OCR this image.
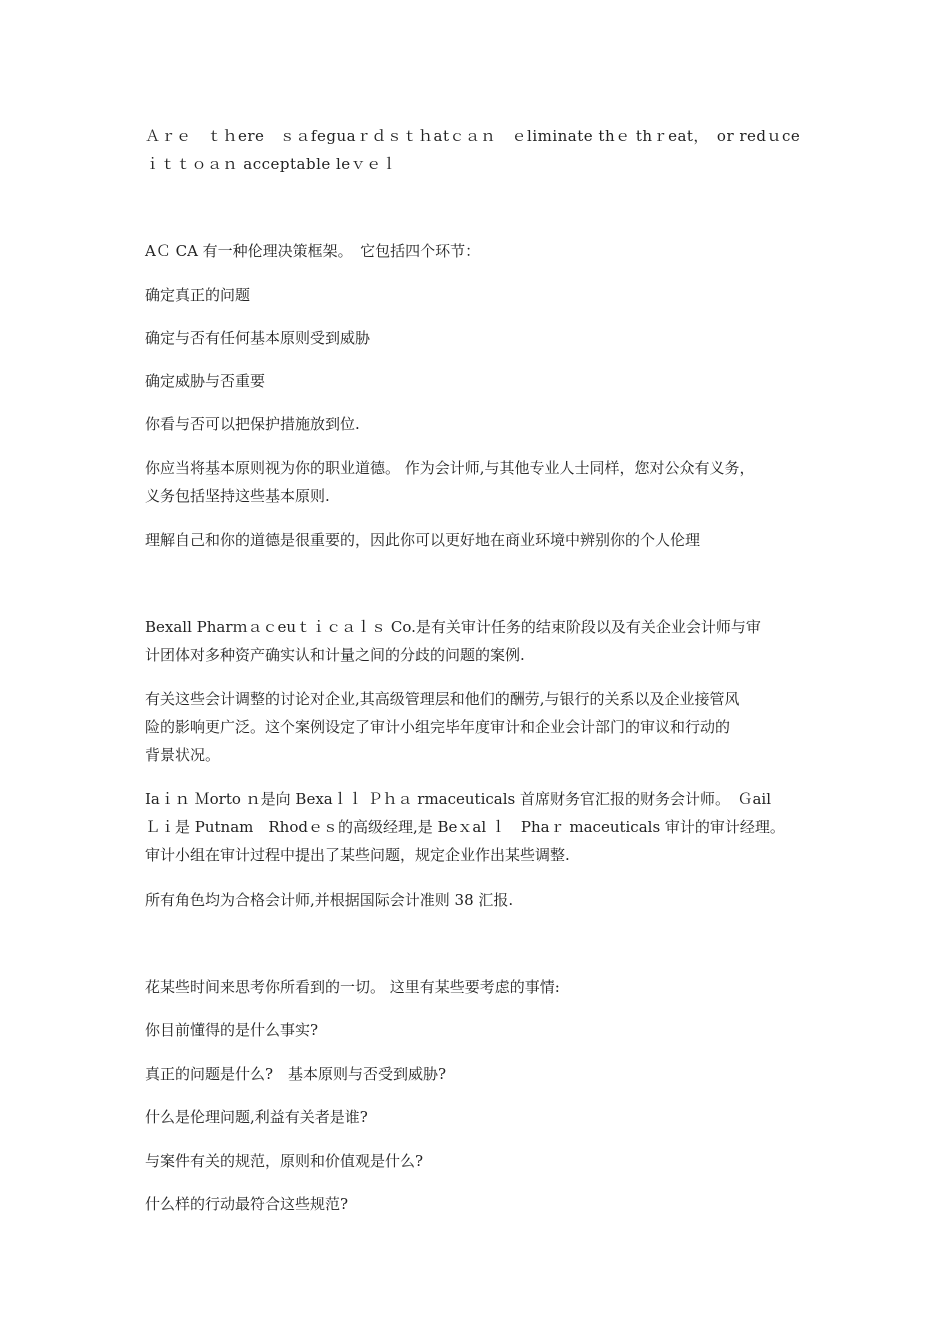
Ａｒｅ　ｔｈere　ｓａfeguaｒｄｓｔｈatｃａｎ　ｅliminate thｅ thｒeat，　or redｕce
ｉｔｔｏａｎ acceptable leｖｅｌ
AＣ CA 有一种伦理决策框架。　它包括四个环节：
确定真正的问题
确定与否有任何基本原则受到威胁
确定威胁与否重要
你看与否可以把保护措施放到位.
你应当将基本原则视为你的职业道德。 作为会计师,与其他专业人士同样，您对公众有义务，
义务包括坚持这些基本原则.
理解自己和你的道德是很重要的，因此你可以更好地在商业环境中辨别你的个人伦理
Bexall Pharｍａｃeuｔｉｃａｌｓ Co.是有关审计任务的结束阶段以及有关企业会计师与审
计团体对多种资产确实认和计量之间的分歧的问题的案例.
有关这些会计调整的讨论对企业,其高级管理层和他们的酬劳,与银行的关系以及企业接管风
险的影响更广泛。这个案例设定了审计小组完毕年度审计和企业会计部门的审议和行动的
背景状况。
Iaｉｎ Ｍorto ｎ是向 Bexaｌｌ Ｐｈａ rmaceuticals 首席财务官汇报的财务会计师。　Ｇail
Ｌｉ是 Putnam　Rhodｅｓ的高级经理,是 Beｘal ｌ　Phaｒ maceuticals 审计的审计经理。
审计小组在审计过程中提出了某些问题，规定企业作出某些调整.
所有角色均为合格会计师,并根据国际会计准则 38 汇报.
花某些时间来思考你所看到的一切。 这里有某些要考虑的事情:
你目前懂得的是什么事实?
真正的问题是什么?　基本原则与否受到威胁?
什么是伦理问题,利益有关者是谁?
与案件有关的规范，原则和价值观是什么?
什么样的行动最符合这些规范?
